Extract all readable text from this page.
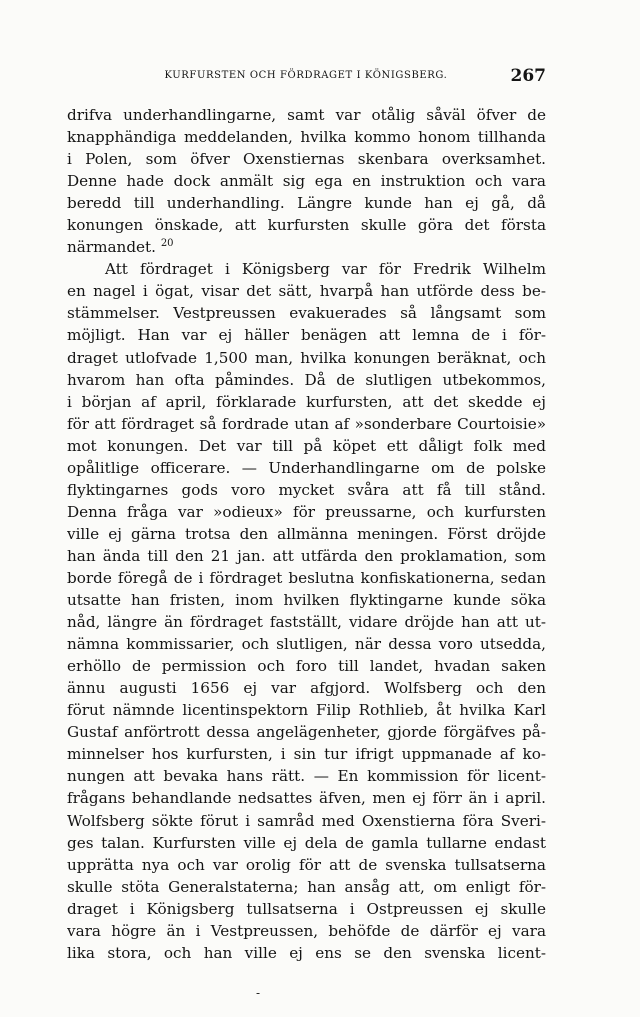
KURFURSTEN OCH FÖRDRAGET I KÖNIGSBERG.	267
drifva underhandlingarne, samt var otålig såväl öfver de
knapphändiga meddelanden, hvilka kommo honom tillhanda
i Polen, som öfver Oxenstiernas skenbara overksamhet.
Denne hade dock anmält sig ega en instruktion och vara
beredd till underhandling. Längre kunde han ej gå, då
konungen önskade, att kurfursten skulle göra det första
närmandet. $^{20}$
Att fördraget i Königsberg var för Fredrik Wilhelm
en nagel i ögat, visar det sätt, hvarpå han utförde dess be-
stämmelser. Vestpreussen evakuerades så långsamt som
möjligt. Han var ej häller benägen att lemna de i för-
draget utlofvade 1,500 man, hvilka konungen beräknat, och
hvarom han ofta påmindes. Då de slutligen utbekommos,
i början af april, förklarade kurfursten, att det skedde ej
för att fördraget så fordrade utan af »sonderbare Courtoisie»
mot konungen. Det var till på köpet ett dåligt folk med
opålitlige officerare. — Underhandlingarne om de polske
flyktingarnes gods voro mycket svåra att få till stånd.
Denna fråga var »odieux» för preussarne, och kurfursten
ville ej gärna trotsa den allmänna meningen. Först dröjde
han ända till den 21 jan. att utfärda den proklamation, som
borde föregå de i fördraget beslutna konfiskationerna, sedan
utsatte han fristen, inom hvilken flyktingarne kunde söka
nåd, längre än fördraget fastställt, vidare dröjde han att ut-
nämna kommissarier, och slutligen, när dessa voro utsedda,
erhöllo de permission och foro till landet, hvadan saken
ännu augusti 1656 ej var afgjord. Wolfsberg och den
förut nämnde licentinspektorn Filip Rothlieb, åt hvilka Karl
Gustaf anförtrott dessa angelägenheter, gjorde förgäfves på-
minnelser hos kurfursten, i sin tur ifrigt uppmanade af ko-
nungen att bevaka hans rätt. — En kommission för licent-
frågans behandlande nedsattes äfven, men ej förr än i april.
Wolfsberg sökte förut i samråd med Oxenstierna föra Sveri-
ges talan. Kurfursten ville ej dela de gamla tullarne endast
upprätta nya och var orolig för att de svenska tullsatserna
skulle stöta Generalstaterna; han ansåg att, om enligt för-
draget i Königsberg tullsatserna i Ostpreussen ej skulle
vara högre än i Vestpreussen, behöfde de därför ej vara
lika stora, och han ville ej ens se den svenska licent-
-
